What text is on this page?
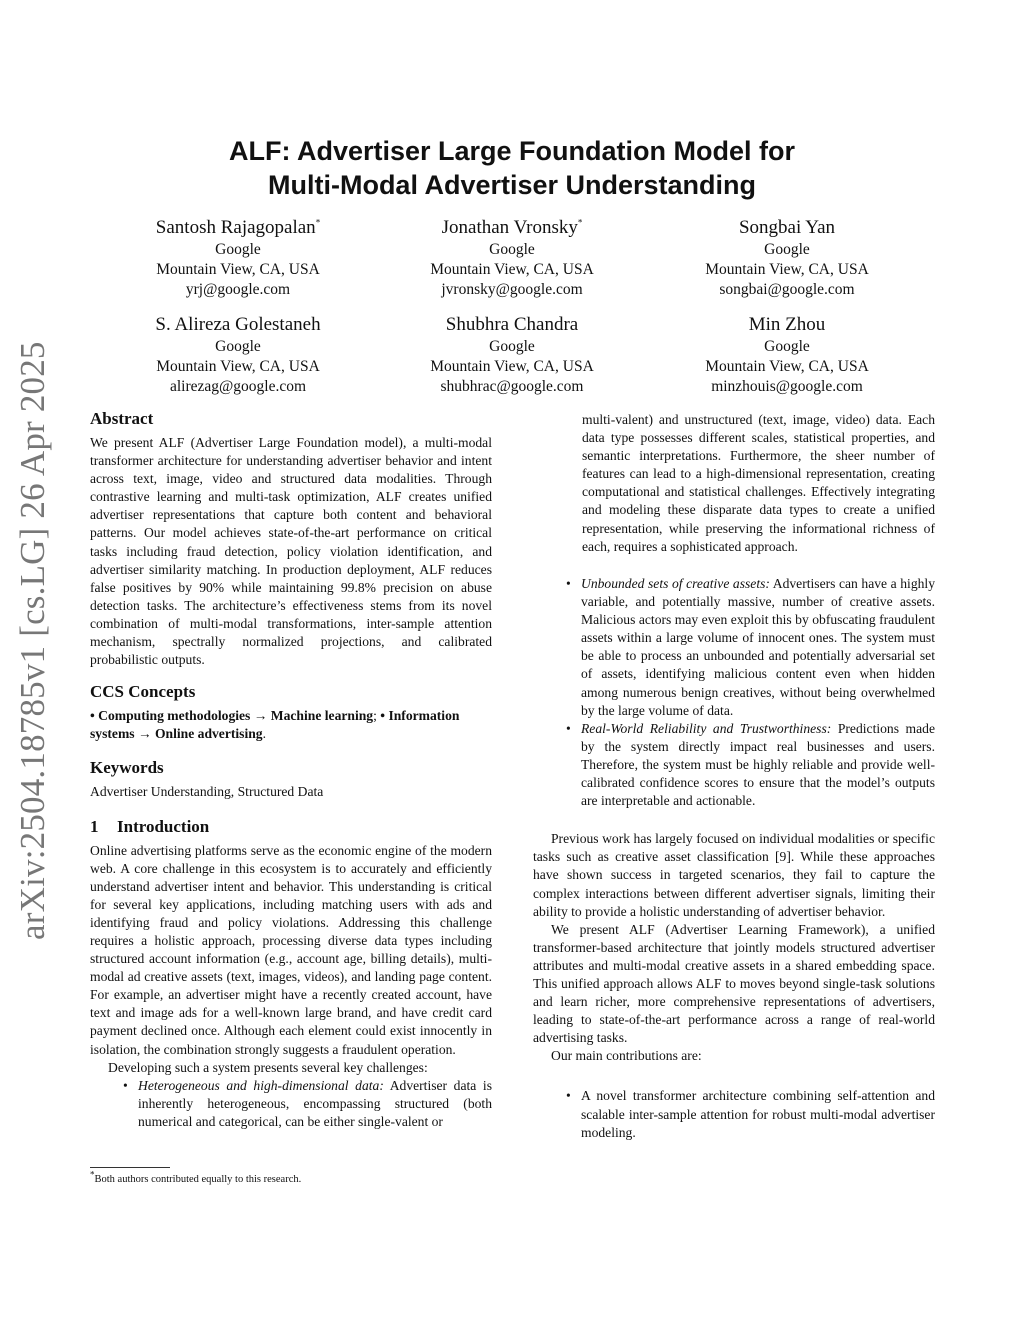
arXiv:2504.18785v1 [cs.LG] 26 Apr 2025
ALF: Advertiser Large Foundation Model for
Multi-Modal Advertiser Understanding
Santosh Rajagopalan*
Google
Mountain View, CA, USA
yrj@google.com
Jonathan Vronsky*
Google
Mountain View, CA, USA
jvronsky@google.com
Songbai Yan
Google
Mountain View, CA, USA
songbai@google.com
S. Alireza Golestaneh
Google
Mountain View, CA, USA
alirezag@google.com
Shubhra Chandra
Google
Mountain View, CA, USA
shubhrac@google.com
Min Zhou
Google
Mountain View, CA, USA
minzhouis@google.com
Abstract

We present ALF (Advertiser Large Foundation model), a multi-modal transformer architecture for understanding advertiser behavior and intent across text, image, video and structured data modalities. Through contrastive learning and multi-task optimization, ALF creates unified advertiser representations that capture both content and behavioral patterns. Our model achieves state-of-the-art performance on critical tasks including fraud detection, policy violation identification, and advertiser similarity matching. In production deployment, ALF reduces false positives by 90% while maintaining 99.8% precision on abuse detection tasks. The architecture’s effectiveness stems from its novel combination of multi-modal transformations, inter-sample attention mechanism, spectrally normalized projections, and calibrated probabilistic outputs.

CCS Concepts

• Computing methodologies → Machine learning; • Information systems → Online advertising.

Keywords

Advertiser Understanding, Structured Data

1 Introduction

Online advertising platforms serve as the economic engine of the modern web. A core challenge in this ecosystem is to accurately and efficiently understand advertiser intent and behavior. This understanding is critical for several key applications, including matching users with ads and identifying fraud and policy violations. Addressing this challenge requires a holistic approach, processing diverse data types including structured account information (e.g., account age, billing details), multi-modal ad creative assets (text, images, videos), and landing page content. For example, an advertiser might have a recently created account, have text and image ads for a well-known large brand, and have credit card payment declined once. Although each element could exist innocently in isolation, the combination strongly suggests a fraudulent operation.

Developing such a system presents several key challenges:

• Heterogeneous and high-dimensional data: Advertiser data is inherently heterogeneous, encompassing structured (both numerical and categorical, can be either single-valent or
multi-valent) and unstructured (text, image, video) data. Each data type possesses different scales, statistical properties, and semantic interpretations. Furthermore, the sheer number of features can lead to a high-dimensional representation, creating computational and statistical challenges. Effectively integrating and modeling these disparate data types to create a unified representation, while preserving the informational richness of each, requires a sophisticated approach.
• Unbounded sets of creative assets: Advertisers can have a highly variable, and potentially massive, number of creative assets. Malicious actors may even exploit this by obfuscating fraudulent assets within a large volume of innocent ones. The system must be able to process an unbounded and potentially adversarial set of assets, identifying malicious content even when hidden among numerous benign creatives, without being overwhelmed by the large volume of data.
• Real-World Reliability and Trustworthiness: Predictions made by the system directly impact real businesses and users. Therefore, the system must be highly reliable and provide well-calibrated confidence scores to ensure that the model’s outputs are interpretable and actionable.

Previous work has largely focused on individual modalities or specific tasks such as creative asset classification [9]. While these approaches have shown success in targeted scenarios, they fail to capture the complex interactions between different advertiser signals, limiting their ability to provide a holistic understanding of advertiser behavior.

We present ALF (Advertiser Learning Framework), a unified transformer-based architecture that jointly models structured advertiser attributes and multi-modal creative assets in a shared embedding space. This unified approach allows ALF to moves beyond single-task solutions and learn richer, more comprehensive representations of advertisers, leading to state-of-the-art performance across a range of real-world advertising tasks.

Our main contributions are:

• A novel transformer architecture combining self-attention and scalable inter-sample attention for robust multi-modal advertiser modeling.
*Both authors contributed equally to this research.
